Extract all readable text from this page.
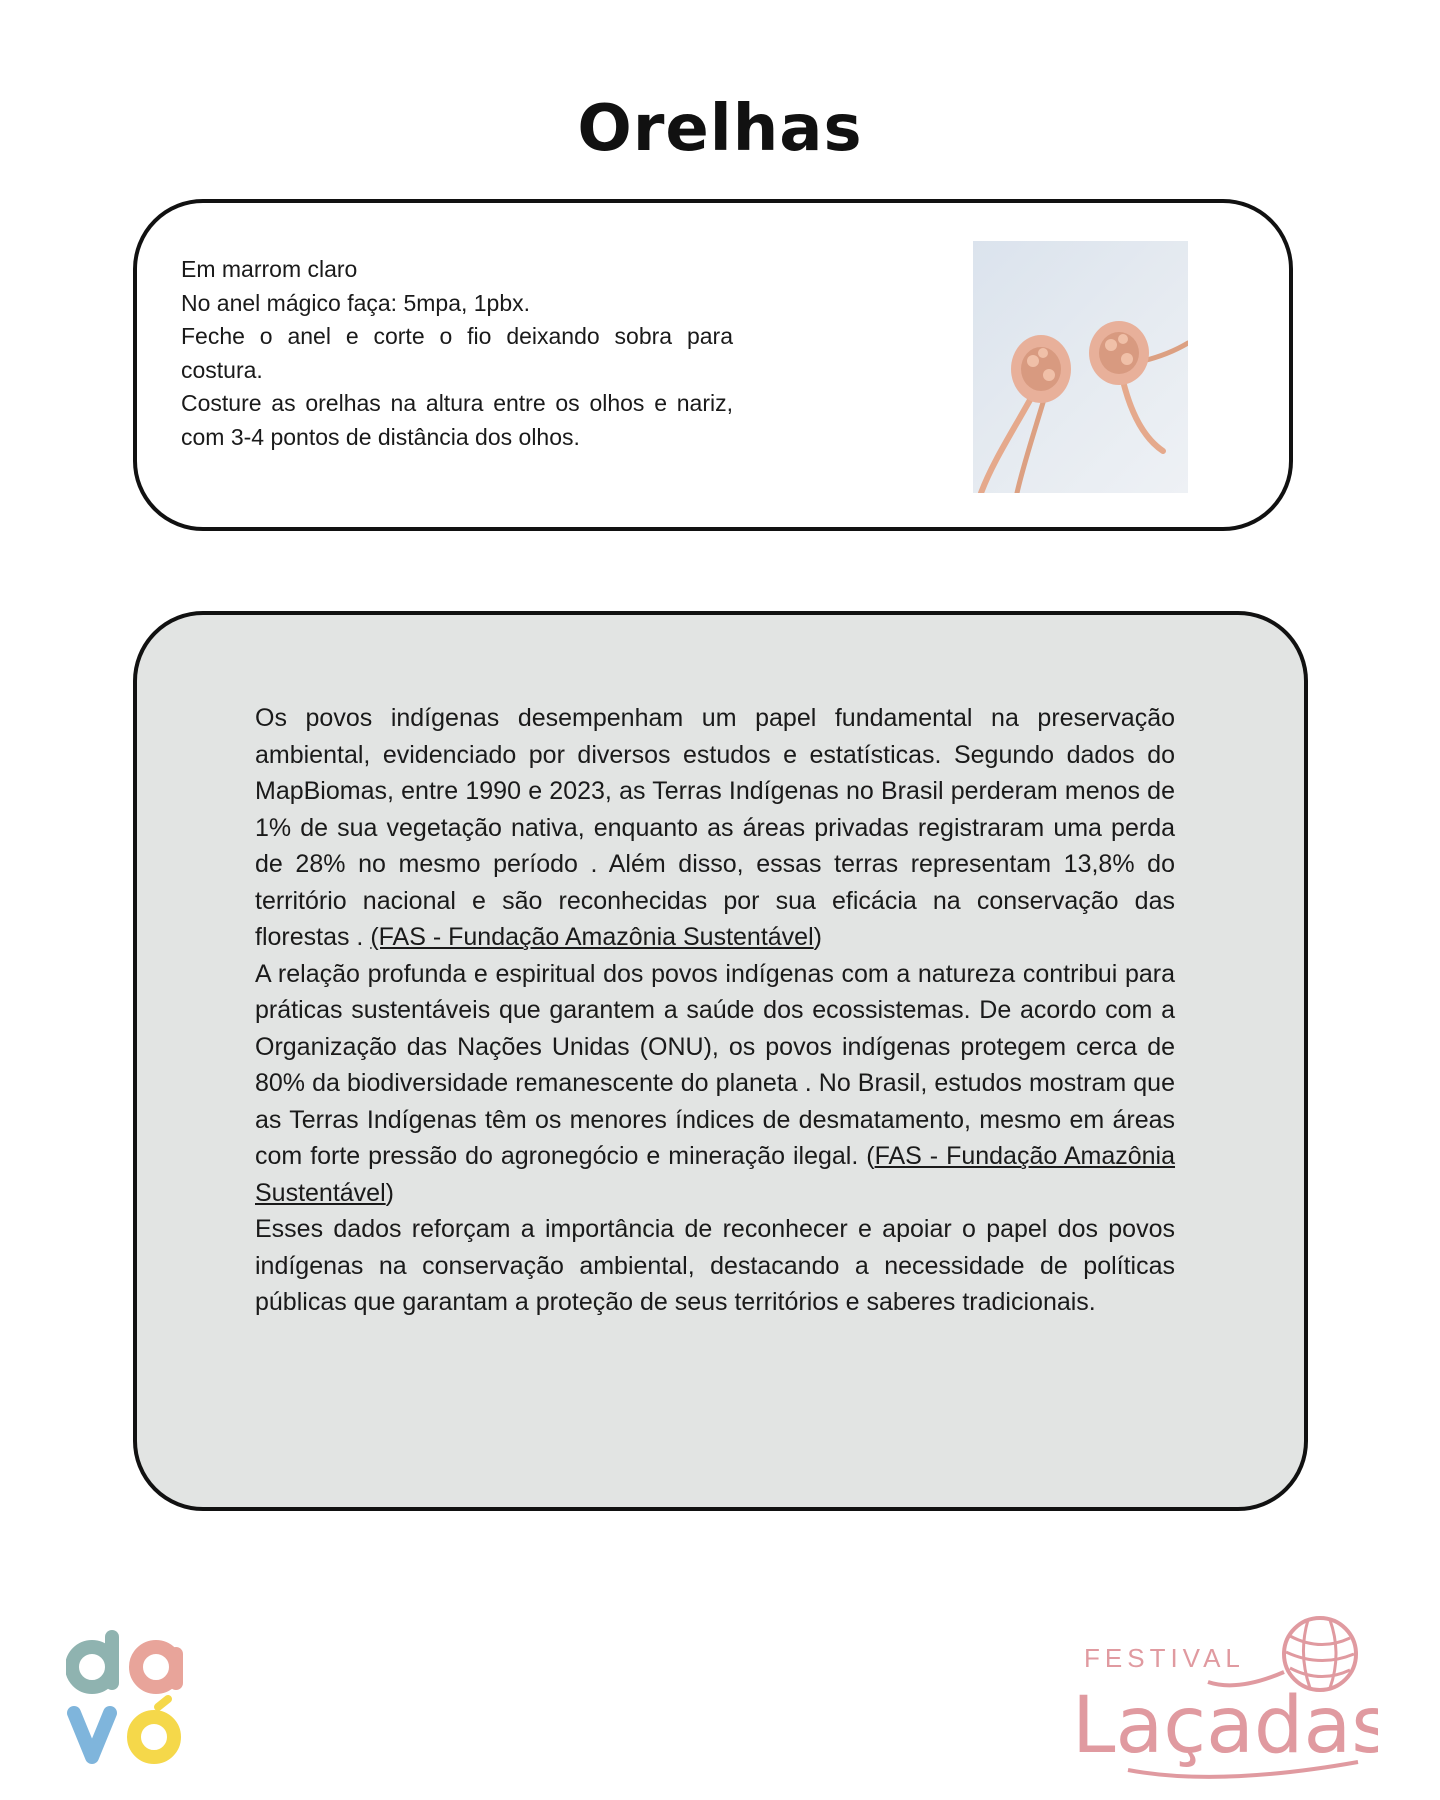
Orelhas
Em marrom claro
No anel mágico faça: 5mpa, 1pbx.
Feche o anel e corte o fio deixando sobra para costura.
Costure as orelhas na altura entre os olhos e nariz, com 3-4 pontos de distância dos olhos.

Os povos indígenas desempenham um papel fundamental na preservação ambiental, evidenciado por diversos estudos e estatísticas. Segundo dados do MapBiomas, entre 1990 e 2023, as Terras Indígenas no Brasil perderam menos de 1% de sua vegetação nativa, enquanto as áreas privadas registraram uma perda de 28% no mesmo período . Além disso, essas terras representam 13,8% do território nacional e são reconhecidas por sua eficácia na conservação das florestas . (FAS - Fundação Amazônia Sustentável)

A relação profunda e espiritual dos povos indígenas com a natureza contribui para práticas sustentáveis que garantem a saúde dos ecossistemas. De acordo com a Organização das Nações Unidas (ONU), os povos indígenas protegem cerca de 80% da biodiversidade remanescente do planeta . No Brasil, estudos mostram que as Terras Indígenas têm os menores índices de desmatamento, mesmo em áreas com forte pressão do agronegócio e mineração ilegal. (FAS - Fundação Amazônia Sustentável)

Esses dados reforçam a importância de reconhecer e apoiar o papel dos povos indígenas na conservação ambiental, destacando a necessidade de políticas públicas que garantam a proteção de seus territórios e saberes tradicionais.

FESTIVAL
Laçadas
